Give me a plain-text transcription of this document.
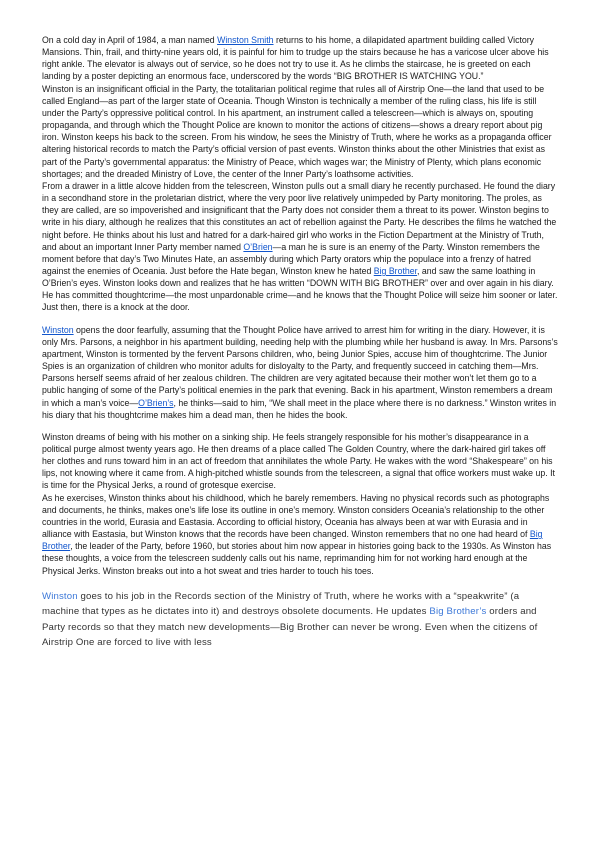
On a cold day in April of 1984, a man named Winston Smith returns to his home, a dilapidated apartment building called Victory Mansions. Thin, frail, and thirty-nine years old, it is painful for him to trudge up the stairs because he has a varicose ulcer above his right ankle. The elevator is always out of service, so he does not try to use it. As he climbs the staircase, he is greeted on each landing by a poster depicting an enormous face, underscored by the words “BIG BROTHER IS WATCHING YOU.”

Winston is an insignificant official in the Party, the totalitarian political regime that rules all of Airstrip One—the land that used to be called England—as part of the larger state of Oceania. Though Winston is technically a member of the ruling class, his life is still under the Party’s oppressive political control. In his apartment, an instrument called a telescreen—which is always on, spouting propaganda, and through which the Thought Police are known to monitor the actions of citizens—shows a dreary report about pig iron. Winston keeps his back to the screen. From his window, he sees the Ministry of Truth, where he works as a propaganda officer altering historical records to match the Party’s official version of past events. Winston thinks about the other Ministries that exist as part of the Party’s governmental apparatus: the Ministry of Peace, which wages war; the Ministry of Plenty, which plans economic shortages; and the dreaded Ministry of Love, the center of the Inner Party’s loathsome activities.

From a drawer in a little alcove hidden from the telescreen, Winston pulls out a small diary he recently purchased. He found the diary in a secondhand store in the proletarian district, where the very poor live relatively unimpeded by Party monitoring. The proles, as they are called, are so impoverished and insignificant that the Party does not consider them a threat to its power. Winston begins to write in his diary, although he realizes that this constitutes an act of rebellion against the Party. He describes the films he watched the night before. He thinks about his lust and hatred for a dark-haired girl who works in the Fiction Department at the Ministry of Truth, and about an important Inner Party member named O’Brien—a man he is sure is an enemy of the Party. Winston remembers the moment before that day’s Two Minutes Hate, an assembly during which Party orators whip the populace into a frenzy of hatred against the enemies of Oceania. Just before the Hate began, Winston knew he hated Big Brother, and saw the same loathing in O’Brien’s eyes. Winston looks down and realizes that he has written “DOWN WITH BIG BROTHER” over and over again in his diary. He has committed thoughtcrime—the most unpardonable crime—and he knows that the Thought Police will seize him sooner or later. Just then, there is a knock at the door.

Winston opens the door fearfully, assuming that the Thought Police have arrived to arrest him for writing in the diary. However, it is only Mrs. Parsons, a neighbor in his apartment building, needing help with the plumbing while her husband is away. In Mrs. Parsons’s apartment, Winston is tormented by the fervent Parsons children, who, being Junior Spies, accuse him of thoughtcrime. The Junior Spies is an organization of children who monitor adults for disloyalty to the Party, and frequently succeed in catching them—Mrs. Parsons herself seems afraid of her zealous children. The children are very agitated because their mother won’t let them go to a public hanging of some of the Party’s political enemies in the park that evening. Back in his apartment, Winston remembers a dream in which a man’s voice—O’Brien’s, he thinks—said to him, “We shall meet in the place where there is no darkness.” Winston writes in his diary that his thoughtcrime makes him a dead man, then he hides the book.

Winston dreams of being with his mother on a sinking ship. He feels strangely responsible for his mother’s disappearance in a political purge almost twenty years ago. He then dreams of a place called The Golden Country, where the dark-haired girl takes off her clothes and runs toward him in an act of freedom that annihilates the whole Party. He wakes with the word “Shakespeare” on his lips, not knowing where it came from. A high-pitched whistle sounds from the telescreen, a signal that office workers must wake up. It is time for the Physical Jerks, a round of grotesque exercise.

As he exercises, Winston thinks about his childhood, which he barely remembers. Having no physical records such as photographs and documents, he thinks, makes one’s life lose its outline in one’s memory. Winston considers Oceania’s relationship to the other countries in the world, Eurasia and Eastasia. According to official history, Oceania has always been at war with Eurasia and in alliance with Eastasia, but Winston knows that the records have been changed. Winston remembers that no one had heard of Big Brother, the leader of the Party, before 1960, but stories about him now appear in histories going back to the 1930s. As Winston has these thoughts, a voice from the telescreen suddenly calls out his name, reprimanding him for not working hard enough at the Physical Jerks. Winston breaks out into a hot sweat and tries harder to touch his toes.

Winston goes to his job in the Records section of the Ministry of Truth, where he works with a “speakwrite” (a machine that types as he dictates into it) and destroys obsolete documents. He updates Big Brother’s orders and Party records so that they match new developments—Big Brother can never be wrong. Even when the citizens of Airstrip One are forced to live with less
